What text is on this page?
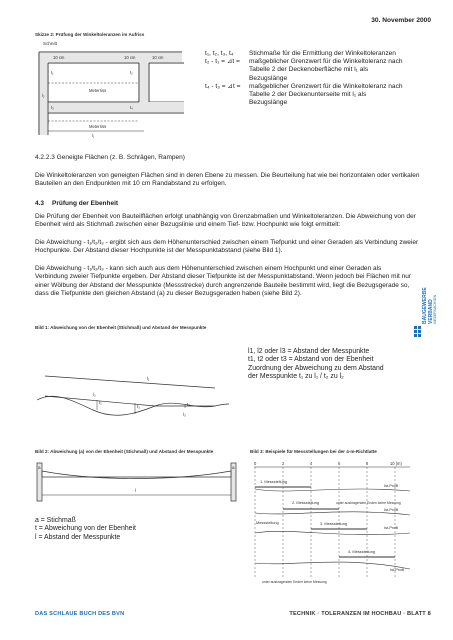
30. November 2000
Skizze 2: Prüfung der Winkeltoleranzen im Aufriss
Schnitt
10 cm	10 cm	10 cm
Meterriss
Meterriss
t₁	t₂
t₃	t₄
l₁
l₂
t₁, t₂, t₃, t₄	Stichmaße für die Ermittlung der Winkeltoleranzen
t₂ - t₁ = ⊿t =	maßgeblicher Grenzwert für die Winkeltoleranz nach Tabelle 2 der Deckenoberfläche mit l₁ als Bezugslänge
t₄ - t₃ = ⊿t =	maßgeblicher Grenzwert für die Winkeltoleranz nach Tabelle 2 der Deckenunterseite mit l₁ als Bezugslänge
4.2.2.3 Geneigte Flächen (z. B. Schrägen, Rampen)
Die Winkeltoleranzen von geneigten Flächen sind in deren Ebene zu messen. Die Beurteilung hat wie bei horizontalen oder vertikalen Bauteilen an den Endpunkten mit 10 cm Randabstand zu erfolgen.
4.3 Prüfung der Ebenheit
Die Prüfung der Ebenheit von Bauteilflächen erfolgt unabhängig von Grenzabmaßen und Winkeltoleranzen. Die Abweichung von der Ebenheit wird als Stichmaß zwischen einer Bezugslinie und einem Tief- bzw. Hochpunkt wie folgt ermittelt:
Die Abweichung - t₁/t₂/t₃ - ergibt sich aus dem Höhenunterschied zwischen einem Tiefpunkt und einer Geraden als Verbindung zweier Hochpunkte. Der Abstand dieser Hochpunkte ist der Messpunktabstand (siehe Bild 1).
Die Abweichung - t₁/t₂/t₃ - kann sich auch aus dem Höhenunterschied zwischen einem Hochpunkt und einer Geraden als Verbindung zweier Tiefpunkte ergeben. Der Abstand dieser Tiefpunkte ist der Messpunktabstand. Wenn jedoch bei Flächen mit nur einer Wölbung der Abstand der Messpunkte (Messstrecke) durch angrenzende Bauteile bestimmt wird, liegt die Bezugsgerade so, dass die Tiefpunkte den gleichen Abstand (a) zu dieser Bezugsgeraden haben (siehe Bild 2).	BAUGEWERBE VERBAND NIEDERSACHSEN
Bild 1: Abweichung von der Ebenheit (Stichmaß) und Abstand der Messpunkte
l₁
l₂
l₃
t₁
t₂	t₃
l1, l2 oder l3 = Abstand der Messpunkte
t1, t2 oder t3 = Abstand von der Ebenheit
Zuordnung der Abweichung zu dem Abstand
der Messpunkte t₁ zu l₁ / t₂ zu l₂
Bild 2: Abweichung (a) von der Ebenheit (Stichmaß) und Abstand der Messpunkte
a	a
l
a = Stichmaß
t = Abweichung von der Ebenheit
l = Abstand der Messpunkte
Bild 3: Beispiele für Messstellungen bei der 4-m-Richtlatte
0	2	4	6	8	10 (m)
1. Messstellung
Ist-Profil
2. Messstellung	unter auskragenden Enden keine Messung
Ist-Profil
Messstellung	3. Messstellung
Ist-Profil
4. Messstellung
Ist-Profil
unter auskragenden Enden keine Messung
DAS SCHLAUE BUCH DES BVN	TECHNIK · TOLERANZEN IM HOCHBAU · BLATT 8
